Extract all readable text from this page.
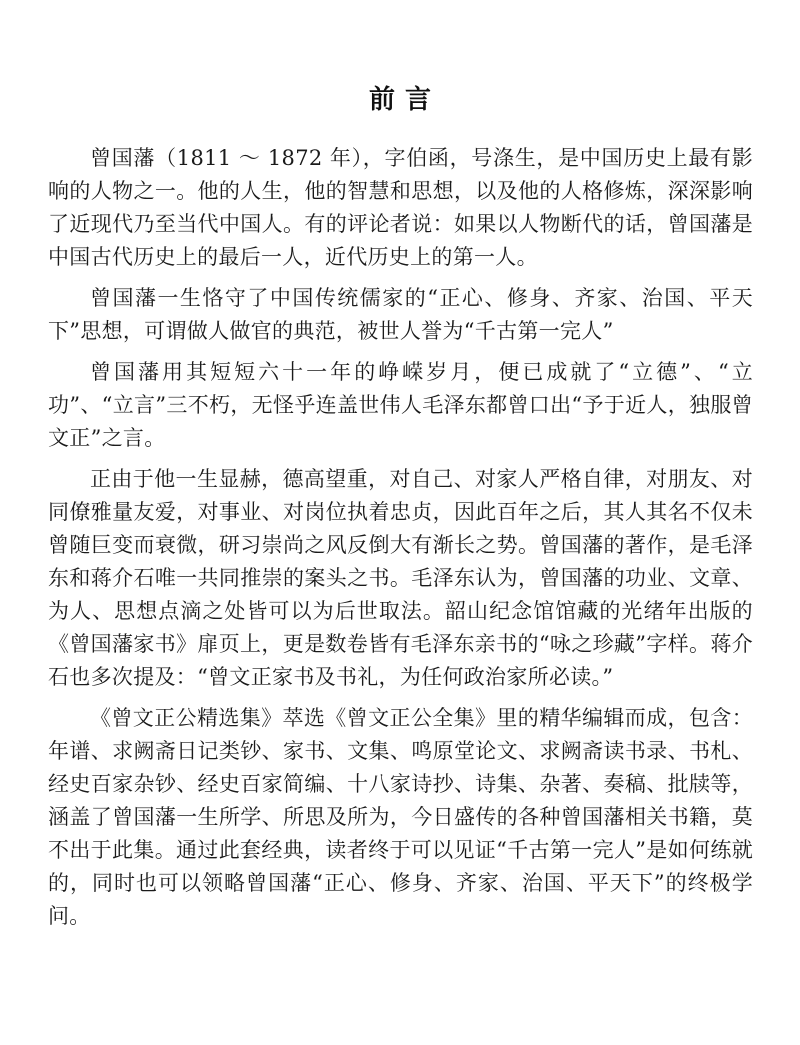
前言

曾国藩（1811 ～ 1872 年），字伯函，号涤生，是中国历史上最有影响的人物之一。他的人生，他的智慧和思想，以及他的人格修炼，深深影响了近现代乃至当代中国人。有的评论者说：如果以人物断代的话，曾国藩是中国古代历史上的最后一人，近代历史上的第一人。

曾国藩一生恪守了中国传统儒家的“正心、修身、齐家、治国、平天下”思想，可谓做人做官的典范，被世人誉为“千古第一完人”

曾国藩用其短短六十一年的峥嵘岁月，便已成就了“立德”、“立功”、“立言”三不朽，无怪乎连盖世伟人毛泽东都曾口出“予于近人，独服曾文正”之言。

正由于他一生显赫，德高望重，对自己、对家人严格自律，对朋友、对同僚雅量友爱，对事业、对岗位执着忠贞，因此百年之后，其人其名不仅未曾随巨变而衰微，研习崇尚之风反倒大有渐长之势。曾国藩的著作，是毛泽东和蒋介石唯一共同推崇的案头之书。毛泽东认为，曾国藩的功业、文章、为人、思想点滴之处皆可以为后世取法。韶山纪念馆馆藏的光绪年出版的《曾国藩家书》扉页上，更是数卷皆有毛泽东亲书的“咏之珍藏”字样。蒋介石也多次提及：“曾文正家书及书礼，为任何政治家所必读。”

《曾文正公精选集》萃选《曾文正公全集》里的精华编辑而成，包含：年谱、求阙斋日记类钞、家书、文集、鸣原堂论文、求阙斋读书录、书札、经史百家杂钞、经史百家简编、十八家诗抄、诗集、杂著、奏稿、批牍等，涵盖了曾国藩一生所学、所思及所为，今日盛传的各种曾国藩相关书籍，莫不出于此集。通过此套经典，读者终于可以见证“千古第一完人”是如何练就的，同时也可以领略曾国藩“正心、修身、齐家、治国、平天下”的终极学问。
